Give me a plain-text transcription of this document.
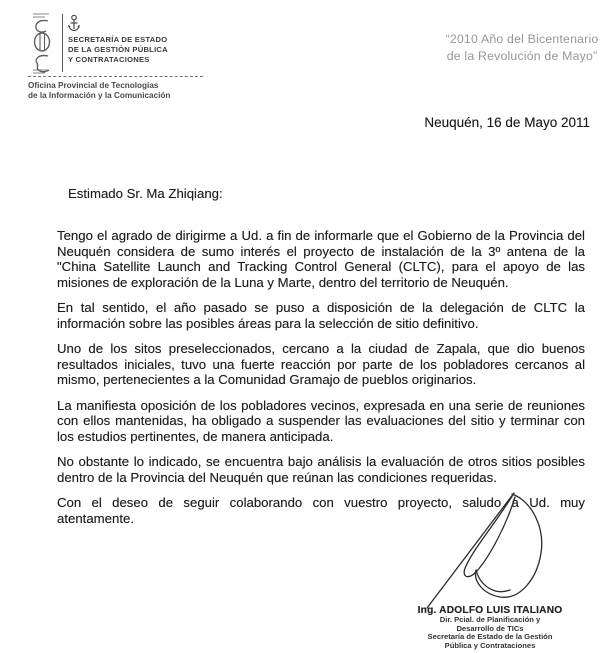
SECRETARÍA DE ESTADO
DE LA GESTIÓN PÚBLICA
Y CONTRATACIONES
Oficina Provincial de Tecnologías
de la Información y la Comunicación
“2010 Año del Bicentenario
de la Revolución de Mayo”
Neuquén, 16 de Mayo 2011
Estimado Sr. Ma Zhiqiang:

Tengo el agrado de dirigirme a Ud. a fin de informarle que el Gobierno de la Provincia del Neuquén considera de sumo interés el proyecto de instalación de la 3º antena de la "China Satellite Launch and Tracking Control General (CLTC), para el apoyo de las misiones de exploración de la Luna y Marte, dentro del territorio de Neuquén.

En tal sentido, el año pasado se puso a disposición de la delegación de CLTC la información sobre las posibles áreas para la selección de sitio definitivo.

Uno de los sitos preseleccionados, cercano a la ciudad de Zapala, que dio buenos resultados iniciales, tuvo una fuerte reacción por parte de los pobladores cercanos al mismo, pertenecientes a la Comunidad Gramajo de pueblos originarios.

La manifiesta oposición de los pobladores vecinos, expresada en una serie de reuniones con ellos mantenidas, ha obligado a suspender las evaluaciones del sitio y terminar con los estudios pertinentes, de manera anticipada.

No obstante lo indicado, se encuentra bajo análisis la evaluación de otros sitios posibles dentro de la Provincia del Neuquén que reúnan las condiciones requeridas.

Con el deseo de seguir colaborando con vuestro proyecto, saludo a Ud. muy atentamente.

Ing. ADOLFO LUIS ITALIANO
Dir. Pcial. de Planificación y
Desarrollo de TICs
Secretaría de Estado de la Gestión
Pública y Contrataciones
